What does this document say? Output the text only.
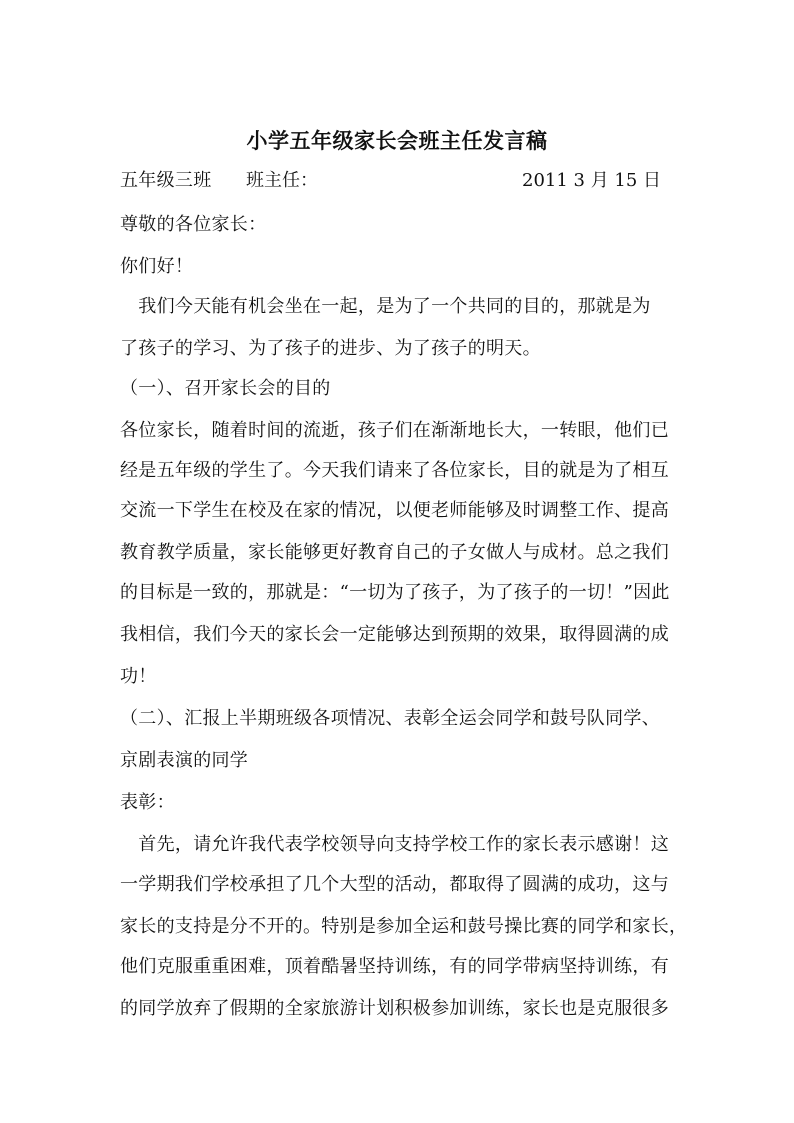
小学五年级家长会班主任发言稿
五年级三班	班主任：	2011 3 月 15 日
尊敬的各位家长：
你们好！
　我们今天能有机会坐在一起，是为了一个共同的目的，那就是为
了孩子的学习、为了孩子的进步、为了孩子的明天。
（一）、召开家长会的目的
各位家长，随着时间的流逝，孩子们在渐渐地长大，一转眼，他们已
经是五年级的学生了。今天我们请来了各位家长，目的就是为了相互
交流一下学生在校及在家的情况，以便老师能够及时调整工作、提高
教育教学质量，家长能够更好教育自己的子女做人与成材。总之我们
的目标是一致的，那就是：“一切为了孩子，为了孩子的一切！”因此
我相信，我们今天的家长会一定能够达到预期的效果，取得圆满的成
功！
（二）、汇报上半期班级各项情况、表彰全运会同学和鼓号队同学、
京剧表演的同学
表彰：
　首先，请允许我代表学校领导向支持学校工作的家长表示感谢！这
一学期我们学校承担了几个大型的活动，都取得了圆满的成功，这与
家长的支持是分不开的。特别是参加全运和鼓号操比赛的同学和家长，
他们克服重重困难，顶着酷暑坚持训练，有的同学带病坚持训练，有
的同学放弃了假期的全家旅游计划积极参加训练，家长也是克服很多
